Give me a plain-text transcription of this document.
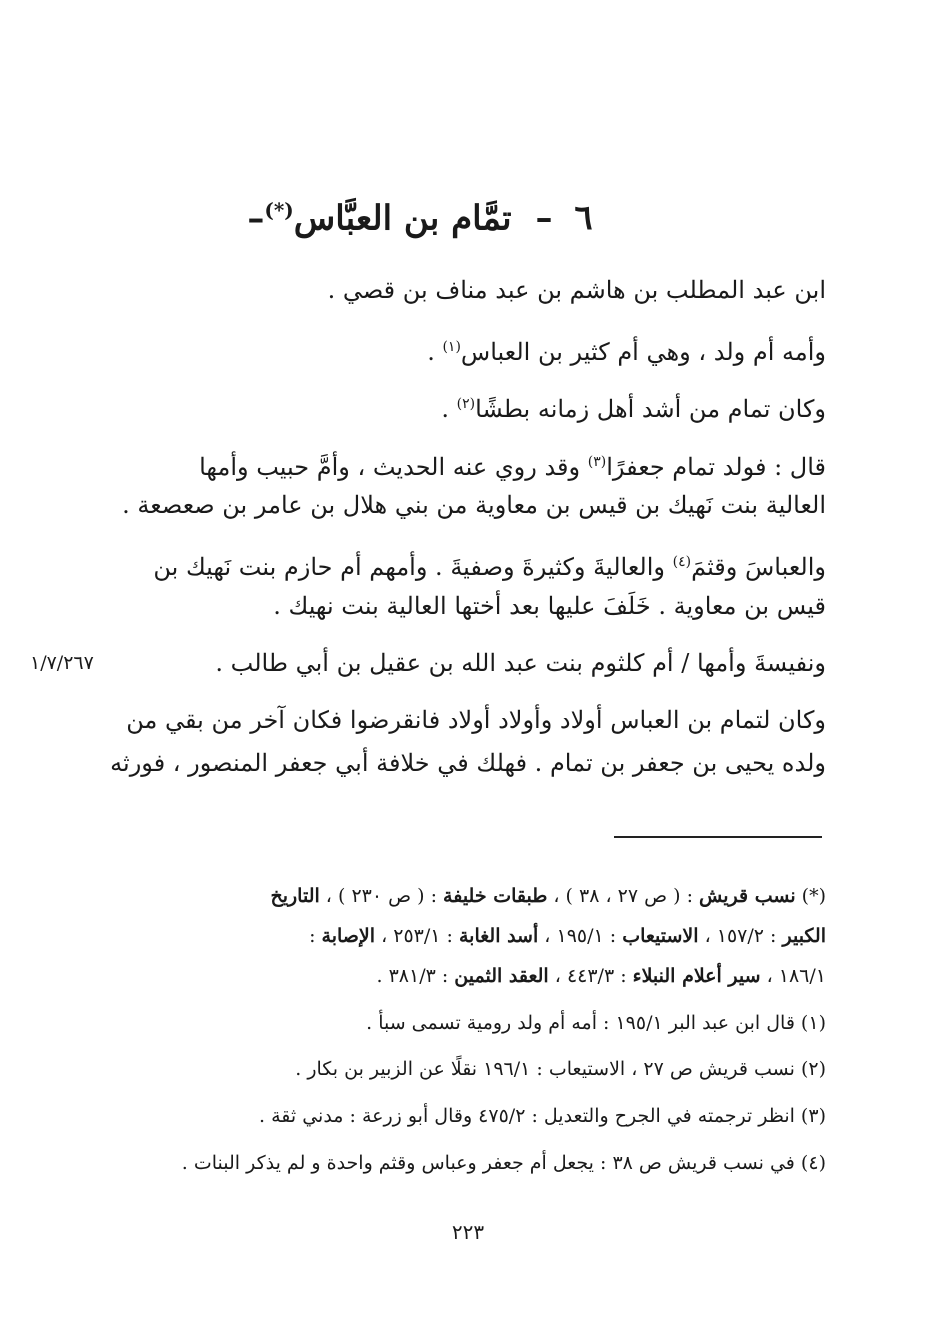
٦ – تمَّام بن العبَّاس(*)–
ابن عبد المطلب بن هاشم بن عبد مناف بن قصي .
وأمه أم ولد ، وهي أم كثير بن العباس$^{(١)}$ .
وكان تمام من أشد أهل زمانه بطشًا$^{(٢)}$ .
قال : فولد تمام جعفرًا$^{(٣)}$ وقد روي عنه الحديث ، وأمَّ حبيب وأمها
العالية بنت نَهيك بن قيس بن معاوية من بني هلال بن عامر بن صعصعة .
والعباسَ وقثمَ$^{(٤)}$ والعاليةَ وكثيرةَ وصفيةَ . وأمهم أم حازم بنت نَهيك بن
قيس بن معاوية . خَلَفَ عليها بعد أختها العالية بنت نهيك .
ونفيسةَ وأمها / أم كلثوم بنت عبد الله بن عقيل بن أبي طالب .
وكان لتمام بن العباس أولاد وأولاد أولاد فانقرضوا فكان آخر من بقي من
ولده يحيى بن جعفر بن تمام . فهلك في خلافة أبي جعفر المنصور ، فورثه
١/٧/٢٦٧
(*) نسب قريش : ( ص ٢٧ ، ٣٨ ) ، طبقات خليفة : ( ص ٢٣٠ ) ، التاريخ
الكبير : ١٥٧/٢ ، الاستيعاب : ١٩٥/١ ، أسد الغابة : ٢٥٣/١ ، الإصابة :
١٨٦/١ ، سير أعلام النبلاء : ٤٤٣/٣ ، العقد الثمين : ٣٨١/٣ .
(١) قال ابن عبد البر ١٩٥/١ : أمه أم ولد رومية تسمى سبأ .
(٢) نسب قريش ص ٢٧ ، الاستيعاب : ١٩٦/١ نقلًا عن الزبير بن بكار .
(٣) انظر ترجمته في الجرح والتعديل : ٤٧٥/٢ وقال أبو زرعة : مدني ثقة .
(٤) في نسب قريش ص ٣٨ : يجعل أم جعفر وعباس وقثم واحدة و لم يذكر البنات .
٢٢٣
